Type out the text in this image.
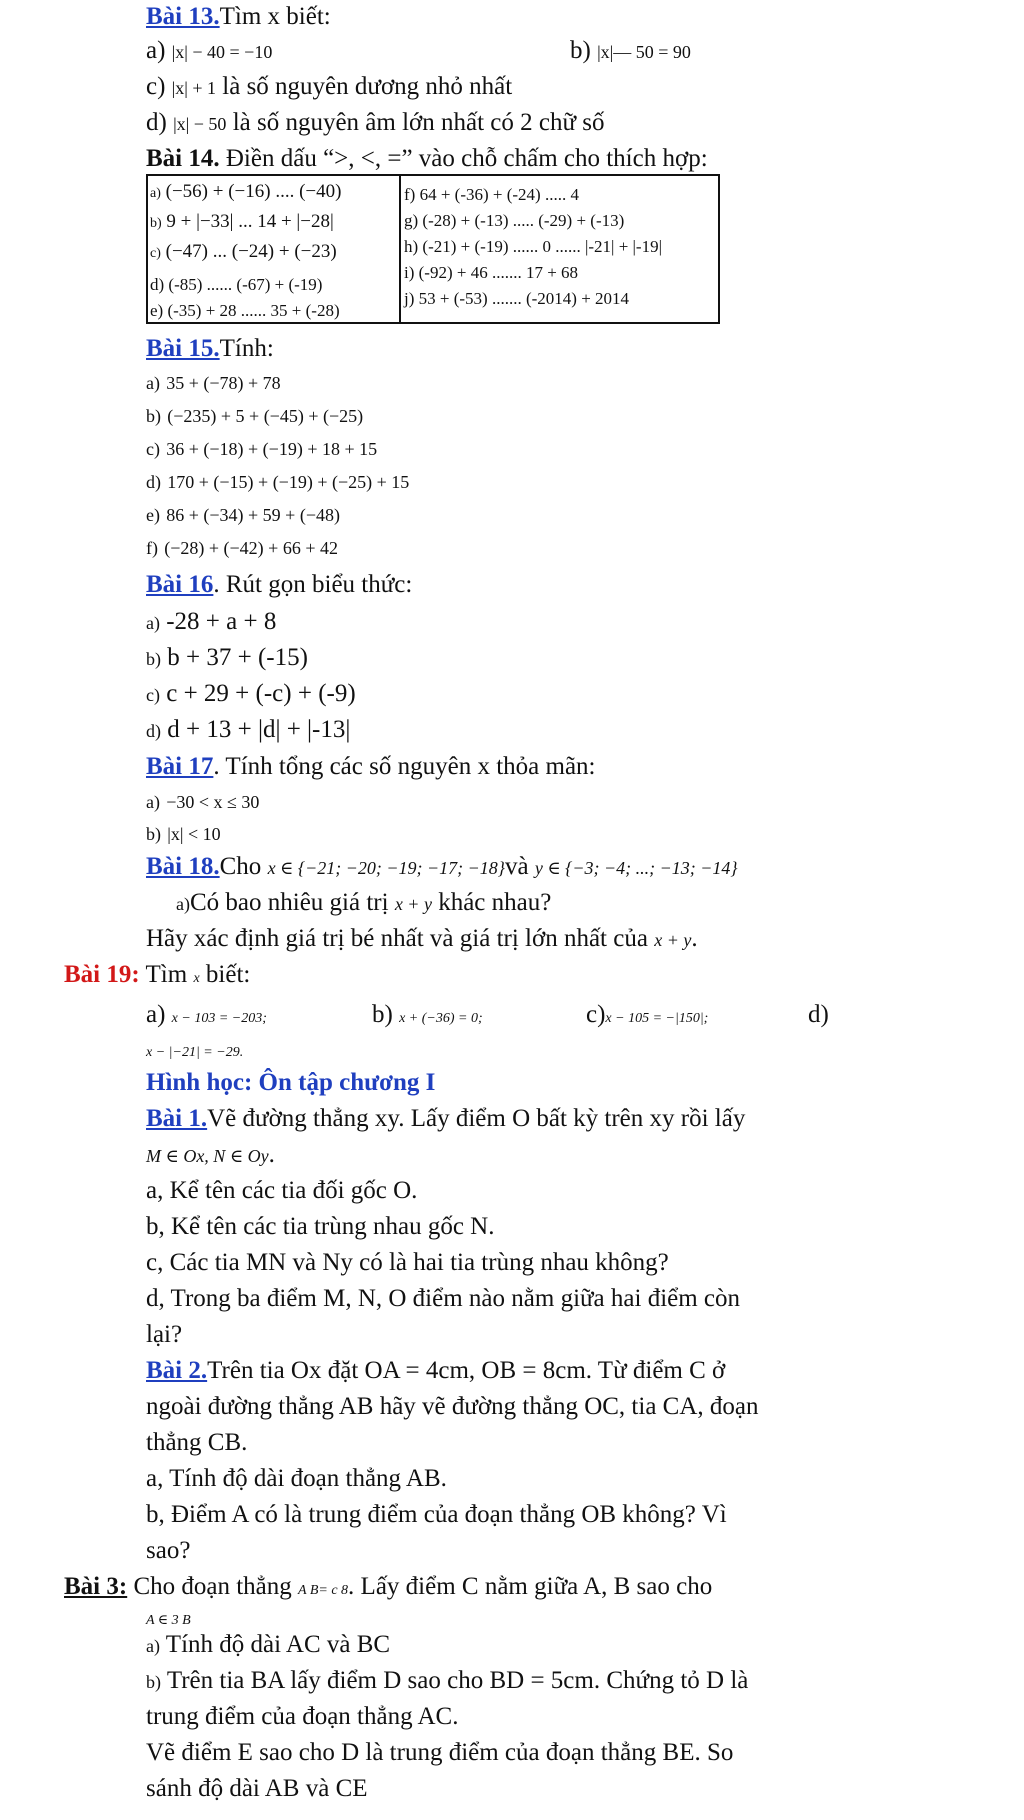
Bài 13.Tìm x biết:
a) |x| − 40 = −10	b) |x|— 50 = 90
c) |x| + 1 là số nguyên dương nhỏ nhất
d) |x| − 50 là số nguyên âm lớn nhất có 2 chữ số
Bài 14. Điền dấu “>, <, =” vào chỗ chấm cho thích hợp:
a) (−56) + (−16) .... (−40)
b) 9 + |−33| ... 14 + |−28|
c) (−47) ... (−24) + (−23)
d) (-85) ...... (-67) + (-19)
e) (-35) + 28 ...... 35 + (-28)
f) 64 + (-36) + (-24) ..... 4
g) (-28) + (-13) ..... (-29) + (-13)
h) (-21) + (-19) ...... 0 ...... |-21| + |-19|
i) (-92) + 46 ....... 17 + 68
j) 53 + (-53) ....... (-2014) + 2014
Bài 15.Tính:
a) 35 + (−78) + 78
b) (−235) + 5 + (−45) + (−25)
c) 36 + (−18) + (−19) + 18 + 15
d) 170 + (−15) + (−19) + (−25) + 15
e) 86 + (−34) + 59 + (−48)
f) (−28) + (−42) + 66 + 42
Bài 16. Rút gọn biểu thức:
a) -28 + a + 8
b) b + 37 + (-15)
c) c + 29 + (-c) + (-9)
d) d + 13 + |d| + |-13|
Bài 17. Tính tổng các số nguyên x thỏa mãn:
a) −30 < x ≤ 30
b) |x| < 10
Bài 18.Cho x ∈ {−21; −20; −19; −17; −18}và y ∈ {−3; −4; ...; −13; −14}
a)Có bao nhiêu giá trị x + y khác nhau?
Hãy xác định giá trị bé nhất và giá trị lớn nhất của x + y.
Bài 19: Tìm x biết:
a) x − 103 = −203;	b) x + (−36) = 0;	c)x − 105 = −|150|;	d)
x − |−21| = −29.
Hình học: Ôn tập chương I
Bài 1.Vẽ đường thẳng xy. Lấy điểm O bất kỳ trên xy rồi lấy
M ∈ Ox, N ∈ Oy.
a, Kể tên các tia đối gốc O.
b, Kể tên các tia trùng nhau gốc N.
c, Các tia MN và Ny có là hai tia trùng nhau không?
d, Trong ba điểm M, N, O điểm nào nằm giữa hai điểm còn
lại?
Bài 2.Trên tia Ox đặt OA = 4cm, OB = 8cm. Từ điểm C ở
ngoài đường thẳng AB hãy vẽ đường thẳng OC, tia CA, đoạn
thẳng CB.
a, Tính độ dài đoạn thẳng AB.
b, Điểm A có là trung điểm của đoạn thẳng OB không? Vì
sao?
Bài 3: Cho đoạn thẳng A B= c 8. Lấy điểm C nằm giữa A, B sao cho
A ∈ 3 B
a) Tính độ dài AC và BC
b) Trên tia BA lấy điểm D sao cho BD = 5cm. Chứng tỏ D là
trung điểm của đoạn thẳng AC.
Vẽ điểm E sao cho D là trung điểm của đoạn thẳng BE. So
sánh độ dài AB và CE
